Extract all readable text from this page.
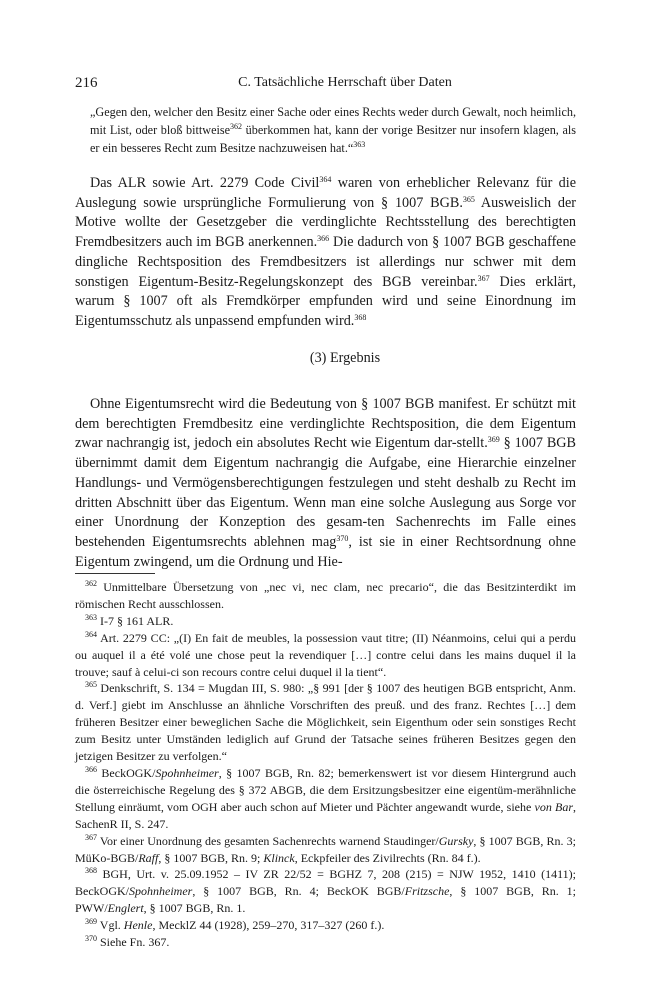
216	C. Tatsächliche Herrschaft über Daten
„Gegen den, welcher den Besitz einer Sache oder eines Rechts weder durch Gewalt, noch heimlich, mit List, oder bloß bittweise$^{362}$ überkommen hat, kann der vorige Besitzer nur insofern klagen, als er ein besseres Recht zum Besitze nachzuweisen hat.“$^{363}$

Das ALR sowie Art. 2279 Code Civil$^{364}$ waren von erheblicher Relevanz für die Auslegung sowie ursprüngliche Formulierung von § 1007 BGB.$^{365}$ Ausweislich der Motive wollte der Gesetzgeber die verdinglichte Rechtsstellung des berechtigten Fremdbesitzers auch im BGB anerkennen.$^{366}$ Die dadurch von § 1007 BGB geschaffene dingliche Rechtsposition des Fremdbesitzers ist allerdings nur schwer mit dem sonstigen Eigentum-Besitz-Regelungskonzept des BGB vereinbar.$^{367}$ Dies erklärt, warum § 1007 oft als Fremdkörper empfunden wird und seine Einordnung im Eigentumsschutz als unpassend empfunden wird.$^{368}$

(3) Ergebnis

Ohne Eigentumsrecht wird die Bedeutung von § 1007 BGB manifest. Er schützt mit dem berechtigten Fremdbesitz eine verdinglichte Rechtsposition, die dem Eigentum zwar nachrangig ist, jedoch ein absolutes Recht wie Eigentum dar-stellt.$^{369}$ § 1007 BGB übernimmt damit dem Eigentum nachrangig die Aufgabe, eine Hierarchie einzelner Handlungs- und Vermögensberechtigungen festzulegen und steht deshalb zu Recht im dritten Abschnitt über das Eigentum. Wenn man eine solche Auslegung aus Sorge vor einer Unordnung der Konzeption des gesam-ten Sachenrechts im Falle eines bestehenden Eigentumsrechts ablehnen mag$^{370}$, ist sie in einer Rechtsordnung ohne Eigentum zwingend, um die Ordnung und Hie-

$^{362}$ Unmittelbare Übersetzung von „nec vi, nec clam, nec precario“, die das Besitzinterdikt im römischen Recht ausschlossen.

$^{363}$ I-7 § 161 ALR.

$^{364}$ Art. 2279 CC: „(I) En fait de meubles, la possession vaut titre; (II) Néanmoins, celui qui a perdu ou auquel il a été volé une chose peut la revendiquer […] contre celui dans les mains duquel il la trouve; sauf à celui-ci son recours contre celui duquel il la tient“.

$^{365}$ Denkschrift, S. 134 = Mugdan III, S. 980: „§ 991 [der § 1007 des heutigen BGB entspricht, Anm. d. Verf.] giebt im Anschlusse an ähnliche Vorschriften des preuß. und des franz. Rechtes […] dem früheren Besitzer einer beweglichen Sache die Möglichkeit, sein Eigenthum oder sein sonstiges Recht zum Besitz unter Umständen lediglich auf Grund der Tatsache seines früheren Besitzes gegen den jetzigen Besitzer zu verfolgen.“

$^{366}$ BeckOGK/Spohnheimer, § 1007 BGB, Rn. 82; bemerkenswert ist vor diesem Hintergrund auch die österreichische Regelung des § 372 ABGB, die dem Ersitzungsbesitzer eine eigentüm-merähnliche Stellung einräumt, vom OGH aber auch schon auf Mieter und Pächter angewandt wurde, siehe von Bar, SachenR II, S. 247.

$^{367}$ Vor einer Unordnung des gesamten Sachenrechts warnend Staudinger/Gursky, § 1007 BGB, Rn. 3; MüKo-BGB/Raff, § 1007 BGB, Rn. 9; Klinck, Eckpfeiler des Zivilrechts (Rn. 84 f.).

$^{368}$ BGH, Urt. v. 25.09.1952 – IV ZR 22/52 = BGHZ 7, 208 (215) = NJW 1952, 1410 (1411); BeckOGK/Spohnheimer, § 1007 BGB, Rn. 4; BeckOK BGB/Fritzsche, § 1007 BGB, Rn. 1; PWW/Englert, § 1007 BGB, Rn. 1.

$^{369}$ Vgl. Henle, MecklZ 44 (1928), 259–270, 317–327 (260 f.).

$^{370}$ Siehe Fn. 367.
